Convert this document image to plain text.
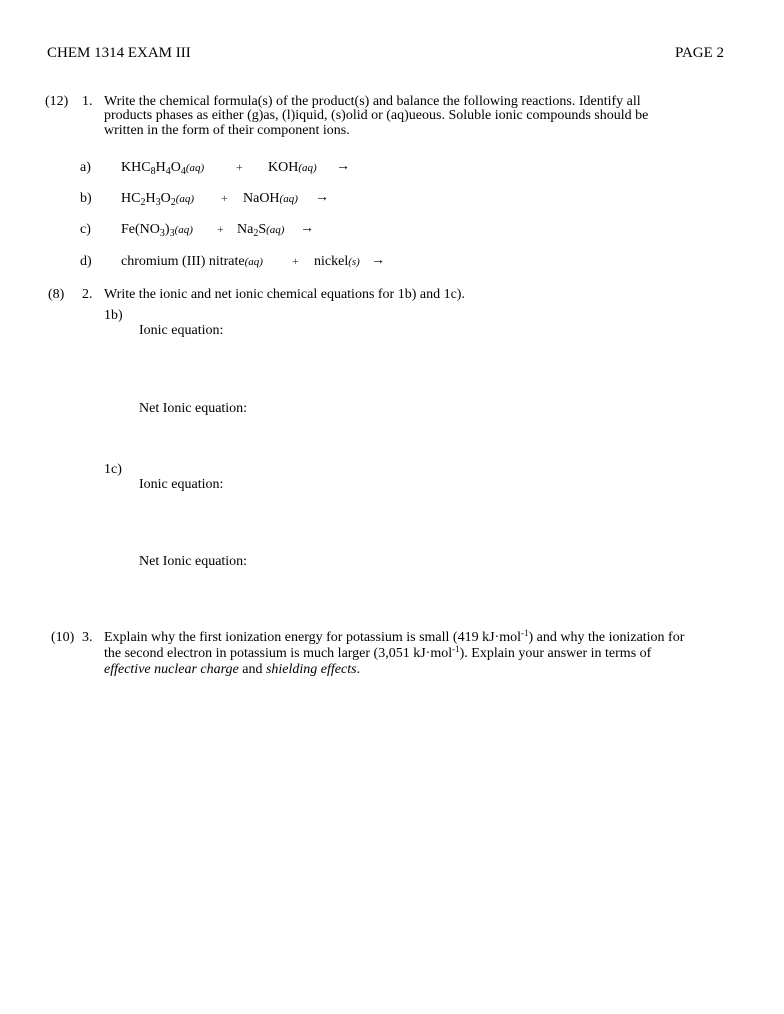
CHEM 1314 EXAM III	PAGE 2
(12) 1. Write the chemical formula(s) of the product(s) and balance the following reactions. Identify all
products phases as either (g)as, (l)iquid, (s)olid or (aq)ueous. Soluble ionic compounds should be
written in the form of their component ions.
a) $KHC_8H_4O_4(aq)$	+ KOH(aq) →
b) $HC_2H_3O_2(aq)$ + NaOH(aq) →
c) $Fe(NO_3)_3(aq) + Na_2S(aq)$ →
d) chromium (III) nitrate(aq) + nickel(s) →
(8) 2. Write the ionic and net ionic chemical equations for 1b) and 1c).
1b)
Ionic equation:
Net Ionic equation:
1c)
Ionic equation:
Net Ionic equation:
(10) 3. Explain why the first ionization energy for potassium is small (419 kJ·mol$^{-1}$) and why the ionization for
the second electron in potassium is much larger (3,051 kJ·mol$^{-1}$). Explain your answer in terms of
effective nuclear charge and shielding effects.
